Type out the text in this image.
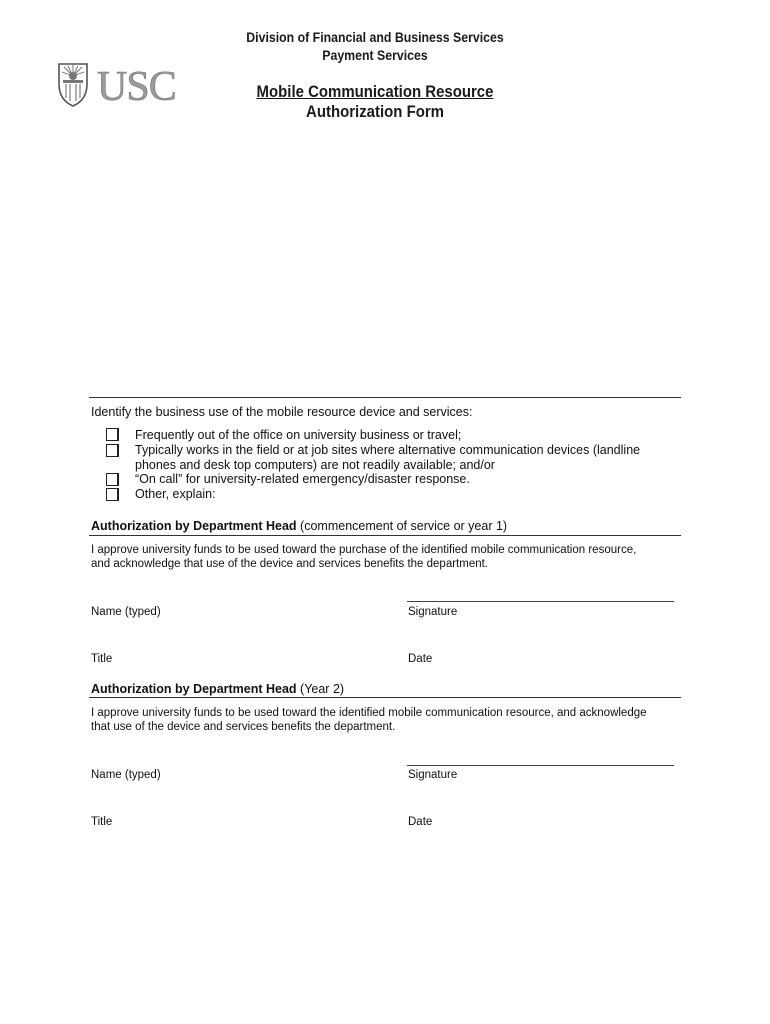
Division of Financial and Business Services
Payment Services
Mobile Communication Resource
Authorization Form
USC
Identify the business use of the mobile resource device and services:
Frequently out of the office on university business or travel;
Typically works in the field or at job sites where alternative communication devices (landline
phones and desk top computers) are not readily available; and/or
“On call” for university-related emergency/disaster response.
Other, explain:
Authorization by Department Head (commencement of service or year 1)
I approve university funds to be used toward the purchase of the identified mobile communication resource,
and acknowledge that use of the device and services benefits the department.
Name (typed)	Signature
Title	Date
Authorization by Department Head (Year 2)
I approve university funds to be used toward the identified mobile communication resource, and acknowledge
that use of the device and services benefits the department.
Name (typed)	Signature
Title	Date
